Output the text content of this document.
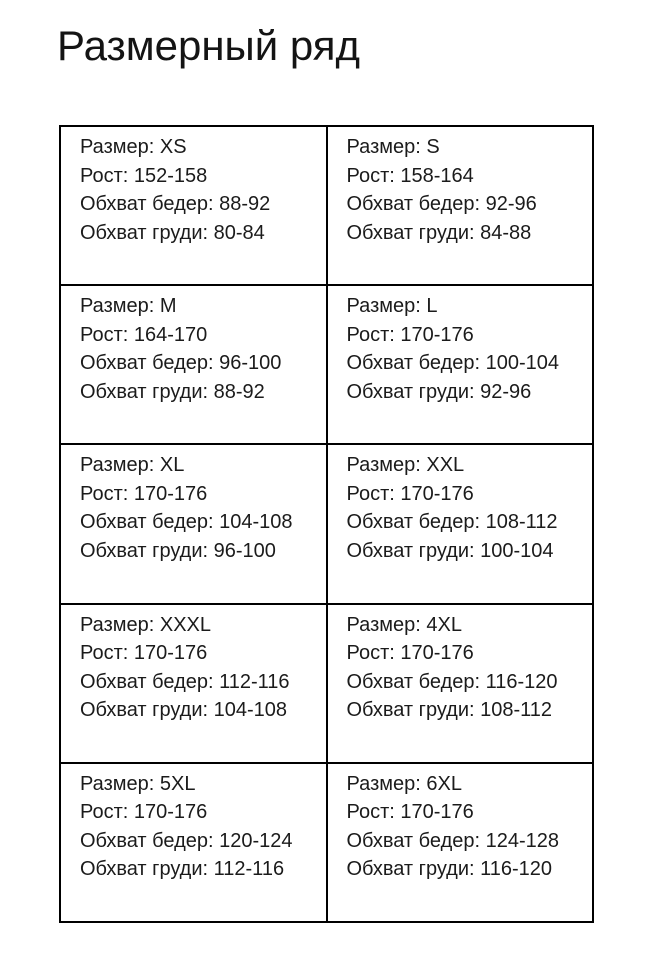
Размерный ряд
Размер: XS
Рост: 152-158
Обхват бедер: 88-92
Обхват груди: 80-84

Размер: S
Рост: 158-164
Обхват бедер: 92-96
Обхват груди: 84-88

Размер: M
Рост: 164-170
Обхват бедер: 96-100
Обхват груди: 88-92

Размер: L
Рост: 170-176
Обхват бедер: 100-104
Обхват груди: 92-96

Размер: XL
Рост: 170-176
Обхват бедер: 104-108
Обхват груди: 96-100

Размер: XXL
Рост: 170-176
Обхват бедер: 108-112
Обхват груди: 100-104

Размер: XXXL
Рост: 170-176
Обхват бедер: 112-116
Обхват груди: 104-108

Размер: 4XL
Рост: 170-176
Обхват бедер: 116-120
Обхват груди: 108-112

Размер: 5XL
Рост: 170-176
Обхват бедер: 120-124
Обхват груди: 112-116

Размер: 6XL
Рост: 170-176
Обхват бедер: 124-128
Обхват груди: 116-120
